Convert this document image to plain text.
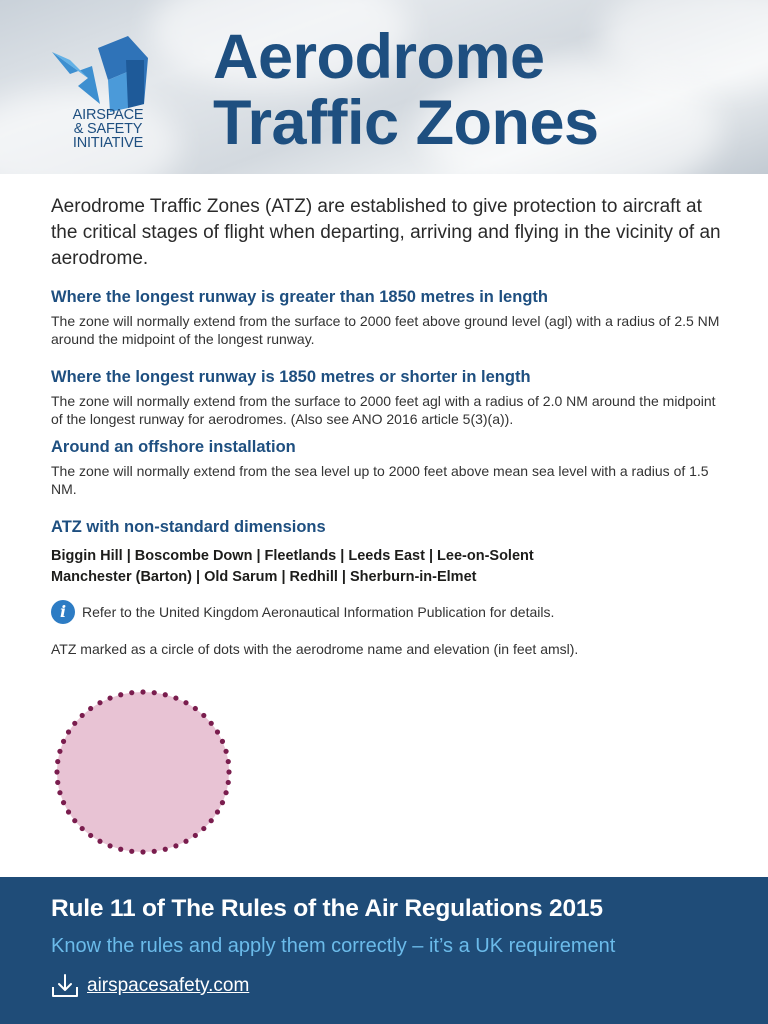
AIRSPACE
& SAFETY
INITIATIVE
Aerodrome
Traffic Zones

Aerodrome Traffic Zones (ATZ) are established to give protection to aircraft at the critical stages of flight when departing, arriving and flying in the vicinity of an aerodrome.

Where the longest runway is greater than 1850 metres in length

The zone will normally extend from the surface to 2000 feet above ground level (agl) with a radius of 2.5 NM around the midpoint of the longest runway.

Where the longest runway is 1850 metres or shorter in length

The zone will normally extend from the surface to 2000 feet agl with a radius of 2.0 NM around the midpoint of the longest runway for aerodromes. (Also see ANO 2016 article 5(3)(a)).

Around an offshore installation

The zone will normally extend from the sea level up to 2000 feet above mean sea level with a radius of 1.5 NM.

ATZ with non-standard dimensions
Biggin Hill | Boscombe Down | Fleetlands | Leeds East | Lee-on-Solent
Manchester (Barton) | Old Sarum | Redhill | Sherburn-in-Elmet
i	Refer to the United Kingdom Aeronautical Information Publication for details.

ATZ marked as a circle of dots with the aerodrome name and elevation (in feet amsl).

Rule 11 of The Rules of the Air Regulations 2015

Know the rules and apply them correctly – it’s a UK requirement

airspacesafety.com
